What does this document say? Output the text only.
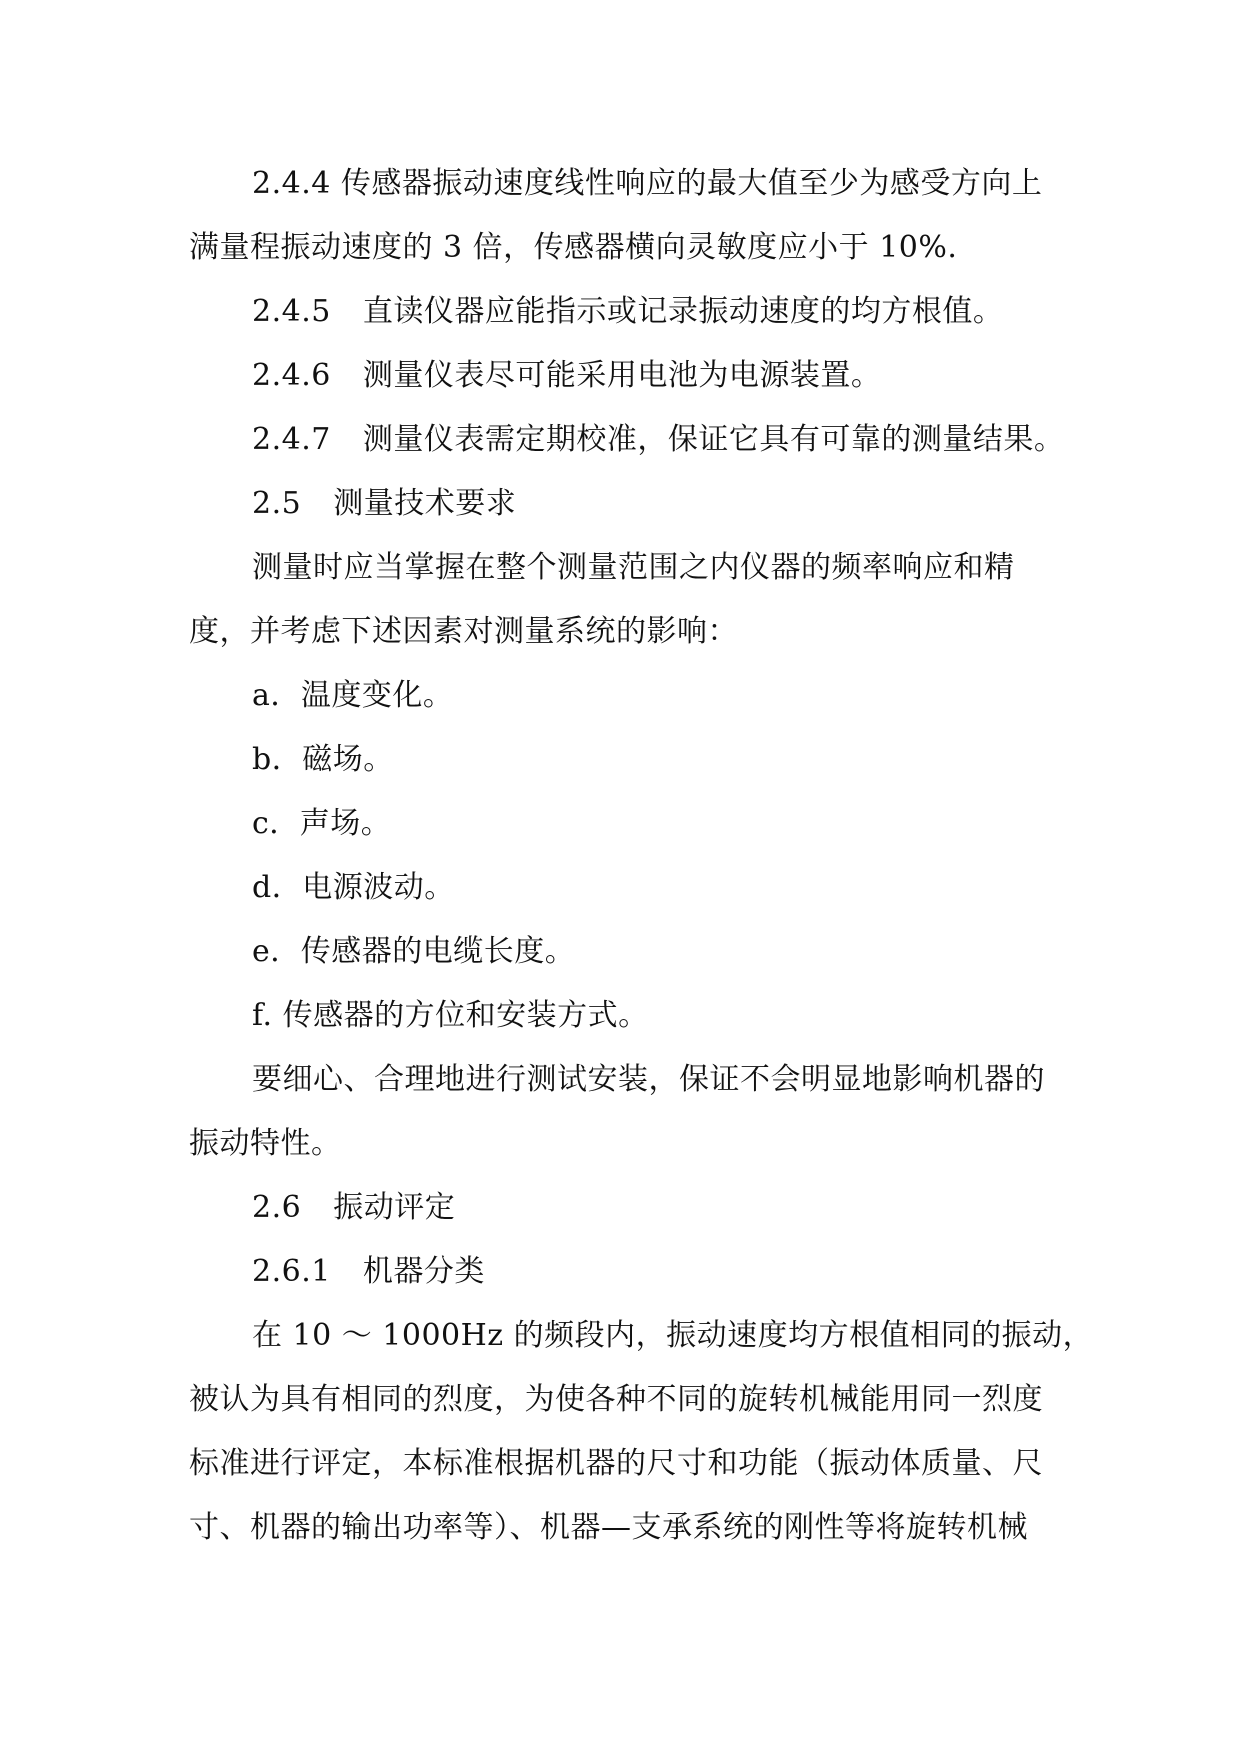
2.4.4 传感器振动速度线性响应的最大值至少为感受方向上
满量程振动速度的 3 倍，传感器横向灵敏度应小于 10%.
2.4.5 直读仪器应能指示或记录振动速度的均方根值。
2.4.6 测量仪表尽可能采用电池为电源装置。
2.4.7 测量仪表需定期校准，保证它具有可靠的测量结果。
2.5 测量技术要求
测量时应当掌握在整个测量范围之内仪器的频率响应和精
度，并考虑下述因素对测量系统的影响：
a．温度变化。
b．磁场。
c．声场。
d．电源波动。
e．传感器的电缆长度。
f. 传感器的方位和安装方式。
要细心、合理地进行测试安装，保证不会明显地影响机器的
振动特性。
2.6 振动评定
2.6.1 机器分类
在 10 ～ 1000Hz 的频段内，振动速度均方根值相同的振动，
被认为具有相同的烈度，为使各种不同的旋转机械能用同一烈度
标准进行评定，本标准根据机器的尺寸和功能（振动体质量、尺
寸、机器的输出功率等）、机器—支承系统的刚性等将旋转机械
